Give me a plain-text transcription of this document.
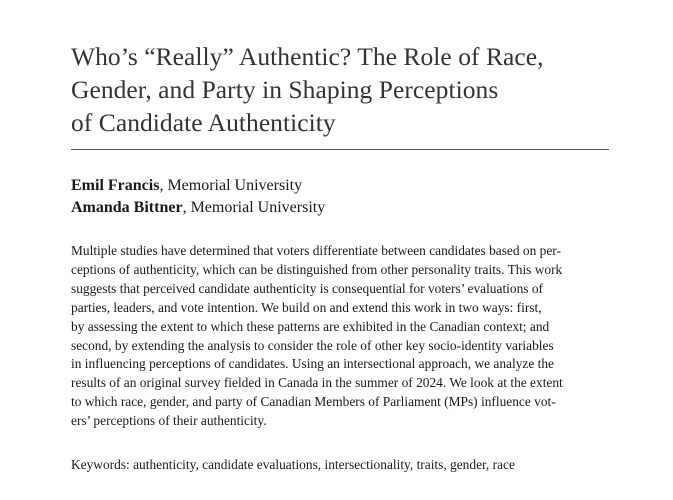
Who’s “Really” Authentic? The Role of Race,
Gender, and Party in Shaping Perceptions
of Candidate Authenticity
Emil Francis, Memorial University
Amanda Bittner, Memorial University
Multiple studies have determined that voters differentiate between candidates based on per-
ceptions of authenticity, which can be distinguished from other personality traits. This work
suggests that perceived candidate authenticity is consequential for voters’ evaluations of
parties, leaders, and vote intention. We build on and extend this work in two ways: first,
by assessing the extent to which these patterns are exhibited in the Canadian context; and
second, by extending the analysis to consider the role of other key socio-identity variables
in influencing perceptions of candidates. Using an intersectional approach, we analyze the
results of an original survey fielded in Canada in the summer of 2024. We look at the extent
to which race, gender, and party of Canadian Members of Parliament (MPs) influence vot-
ers’ perceptions of their authenticity.
Keywords: authenticity, candidate evaluations, intersectionality, traits, gender, race
